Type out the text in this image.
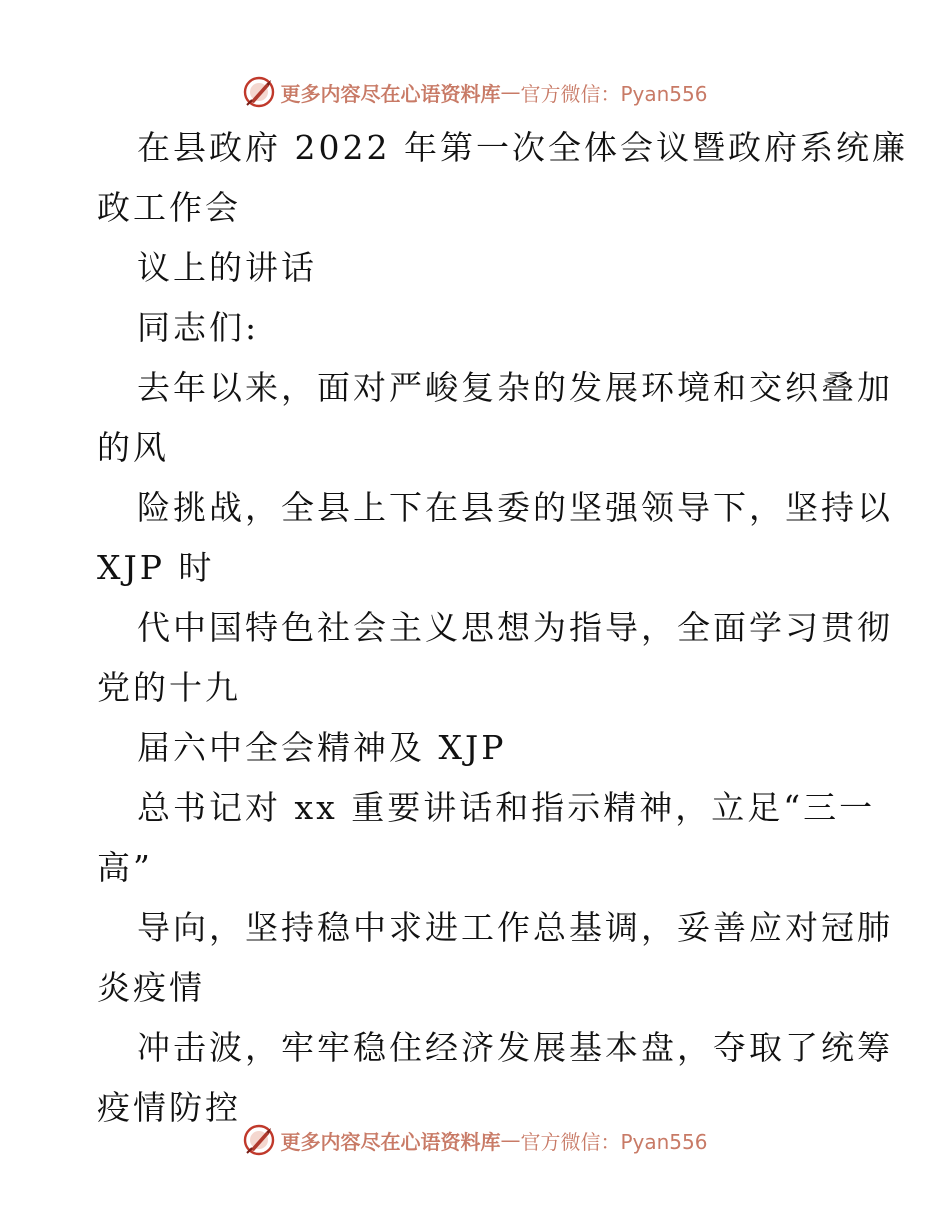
更多内容尽在心语资料库 — 官方微信：Pyan556
在县政府 2022 年第一次全体会议暨政府系统廉
政工作会
议上的讲话
同志们:
去年以来，面对严峻复杂的发展环境和交织叠加
的风
险挑战，全县上下在县委的坚强领导下，坚持以
XJP 时
代中国特色社会主义思想为指导，全面学习贯彻
党的十九
届六中全会精神及 XJP
总书记对 xx 重要讲话和指示精神，立足“三一
高”
导向，坚持稳中求进工作总基调，妥善应对冠肺
炎疫情
冲击波，牢牢稳住经济发展基本盘，夺取了统筹
疫情防控
更多内容尽在心语资料库 — 官方微信：Pyan556
